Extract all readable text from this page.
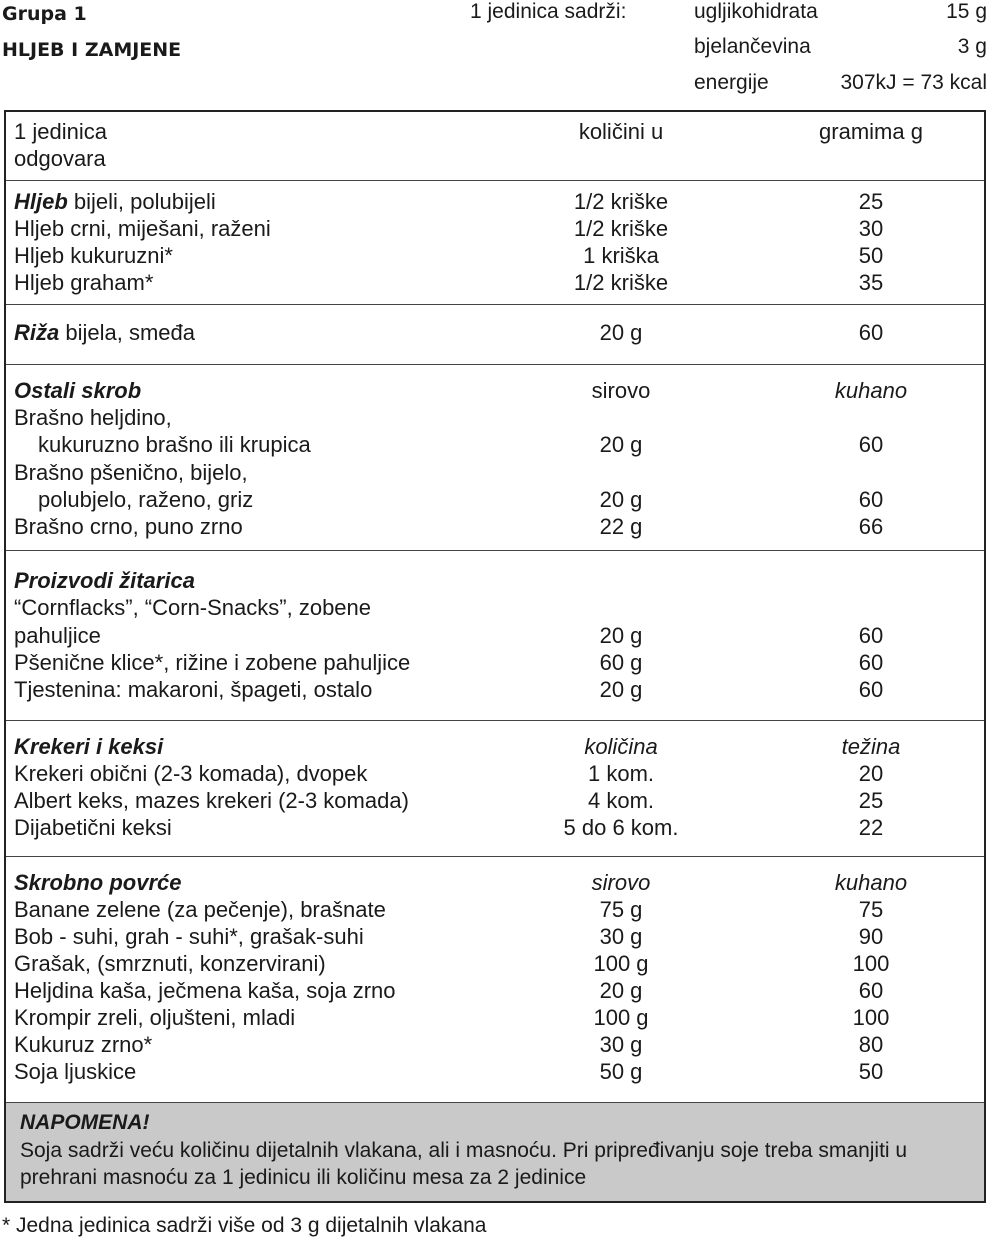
Grupa 1
HLJEB I ZAMJENE
1 jedinica sadrži:	ugljikohidrata	15 g
bjelančevina	3 g
energije	307kJ = 73 kcal
1 jedinica	količini u	gramima g
odgovara
Hljeb bijeli, polubijeli	1/2 kriške	25
Hljeb crni, miješani, raženi	1/2 kriške	30
Hljeb kukuruzni*	1 kriška	50
Hljeb graham*	1/2 kriške	35
Riža bijela, smeđa	20 g	60
Ostali skrob	sirovo	kuhano
Brašno heljdino,
kukuruzno brašno ili krupica	20 g	60
Brašno pšenično, bijelo,
polubjelo, raženo, griz	20 g	60
Brašno crno, puno zrno	22 g	66
Proizvodi žitarica
“Cornflacks”, “Corn-Snacks”, zobene
pahuljice	20 g	60
Pšenične klice*, rižine i zobene pahuljice	60 g	60
Tjestenina: makaroni, špageti, ostalo	20 g	60
Krekeri i keksi	količina	težina
Krekeri obični (2-3 komada), dvopek	1 kom.	20
Albert keks, mazes krekeri (2-3 komada)	4 kom.	25
Dijabetični keksi	5 do 6 kom.	22
Skrobno povrće	sirovo	kuhano
Banane zelene (za pečenje), brašnate	75 g	75
Bob - suhi, grah - suhi*, grašak-suhi	30 g	90
Grašak, (smrznuti, konzervirani)	100 g	100
Heljdina kaša, ječmena kaša, soja zrno	20 g	60
Krompir zreli, oljušteni, mladi	100 g	100
Kukuruz zrno*	30 g	80
Soja ljuskice	50 g	50
NAPOMENA!
Soja sadrži veću količinu dijetalnih vlakana, ali i masnoću. Pri pripređivanju soje treba smanjiti u prehrani masnoću za 1 jedinicu ili količinu mesa za 2 jedinice
* Jedna jedinica sadrži više od 3 g dijetalnih vlakana
